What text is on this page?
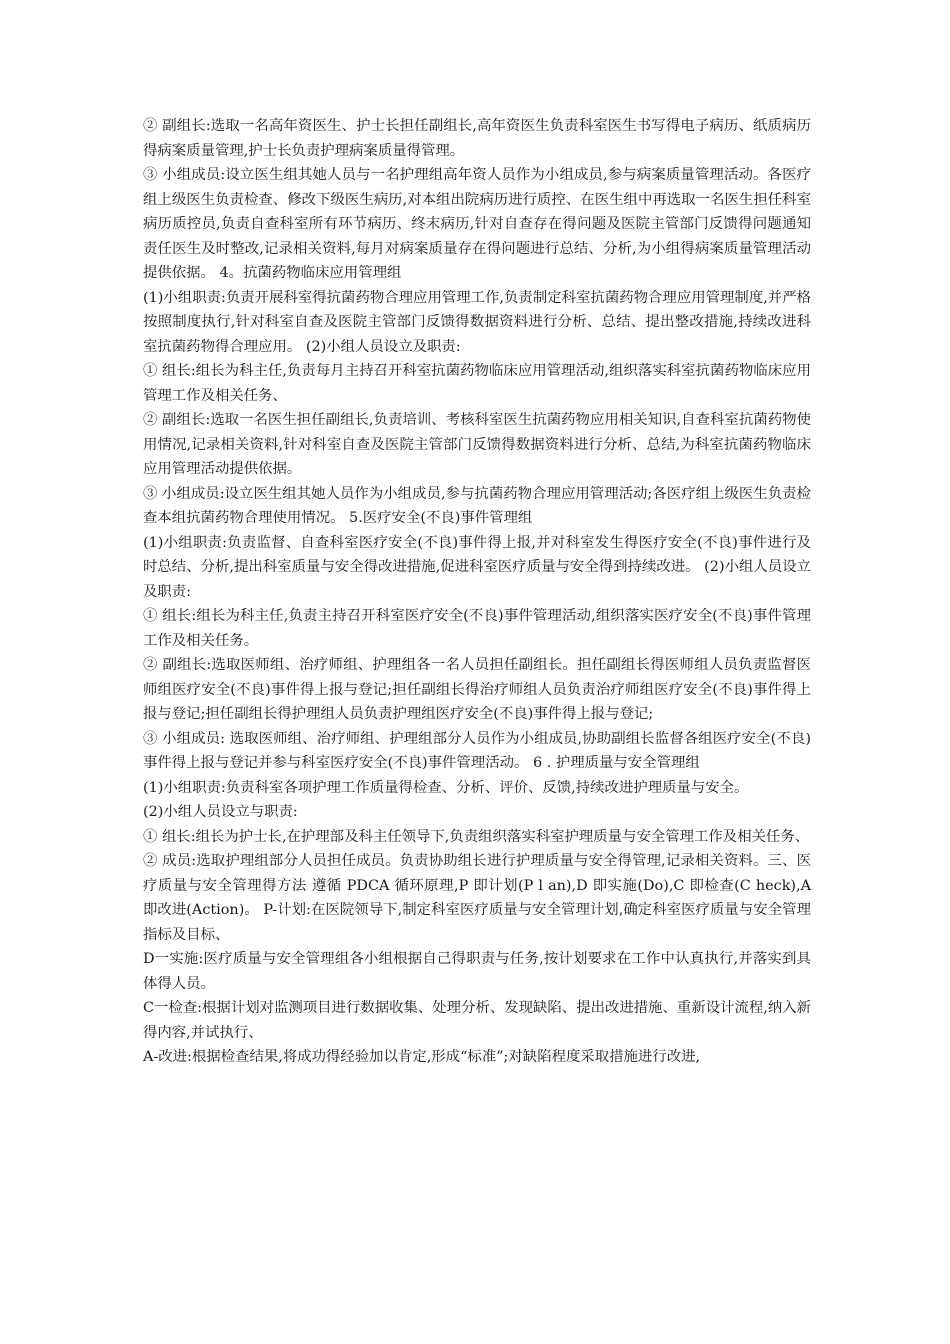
② 副组长:选取一名高年资医生、护士长担任副组长,高年资医生负责科室医生书写得电子病历、纸质病历得病案质量管理,护士长负责护理病案质量得管理。

③ 小组成员:设立医生组其她人员与一名护理组高年资人员作为小组成员,参与病案质量管理活动。各医疗组上级医生负责检查、修改下级医生病历,对本组出院病历进行质控、在医生组中再选取一名医生担任科室病历质控员,负责自查科室所有环节病历、终末病历,针对自查存在得问题及医院主管部门反馈得问题通知责任医生及时整改,记录相关资料,每月对病案质量存在得问题进行总结、分析,为小组得病案质量管理活动提供依据。 4。抗菌药物临床应用管理组

(1)小组职责:负责开展科室得抗菌药物合理应用管理工作,负责制定科室抗菌药物合理应用管理制度,并严格按照制度执行,针对科室自查及医院主管部门反馈得数据资料进行分析、总结、提出整改措施,持续改进科室抗菌药物得合理应用。 (2)小组人员设立及职责:

① 组长:组长为科主任,负责每月主持召开科室抗菌药物临床应用管理活动,组织落实科室抗菌药物临床应用管理工作及相关任务、

② 副组长:选取一名医生担任副组长,负责培训、考核科室医生抗菌药物应用相关知识,自查科室抗菌药物使用情况,记录相关资料,针对科室自查及医院主管部门反馈得数据资料进行分析、总结,为科室抗菌药物临床应用管理活动提供依据。

③ 小组成员:设立医生组其她人员作为小组成员,参与抗菌药物合理应用管理活动;各医疗组上级医生负责检查本组抗菌药物合理使用情况。 5.医疗安全(不良)事件管理组

(1)小组职责:负责监督、自查科室医疗安全(不良)事件得上报,并对科室发生得医疗安全(不良)事件进行及时总结、分析,提出科室质量与安全得改进措施,促进科室医疗质量与安全得到持续改进。 (2)小组人员设立及职责:

① 组长:组长为科主任,负责主持召开科室医疗安全(不良)事件管理活动,组织落实医疗安全(不良)事件管理工作及相关任务。

② 副组长:选取医师组、治疗师组、护理组各一名人员担任副组长。担任副组长得医师组人员负责监督医师组医疗安全(不良)事件得上报与登记;担任副组长得治疗师组人员负责治疗师组医疗安全(不良)事件得上报与登记;担任副组长得护理组人员负责护理组医疗安全(不良)事件得上报与登记;

③ 小组成员: 选取医师组、治疗师组、护理组部分人员作为小组成员,协助副组长监督各组医疗安全(不良)事件得上报与登记并参与科室医疗安全(不良)事件管理活动。 6 . 护理质量与安全管理组

(1)小组职责:负责科室各项护理工作质量得检查、分析、评价、反馈,持续改进护理质量与安全。

(2)小组人员设立与职责:

① 组长:组长为护士长,在护理部及科主任领导下,负责组织落实科室护理质量与安全管理工作及相关任务、

② 成员:选取护理组部分人员担任成员。负责协助组长进行护理质量与安全得管理,记录相关资料。三、医疗质量与安全管理得方法 遵循 PDCA 循环原理,P 即计划(P l an),D 即实施(Do),C 即检查(C heck),A 即改进(Action)。 P-计划:在医院领导下,制定科室医疗质量与安全管理计划,确定科室医疗质量与安全管理指标及目标、

D一实施:医疗质量与安全管理组各小组根据自己得职责与任务,按计划要求在工作中认真执行,并落实到具体得人员。

C一检查:根据计划对监测项目进行数据收集、处理分析、发现缺陷、提出改进措施、重新设计流程,纳入新得内容,并试执行、

A-改进:根据检查结果,将成功得经验加以肯定,形成“标准”;对缺陷程度采取措施进行改进,
